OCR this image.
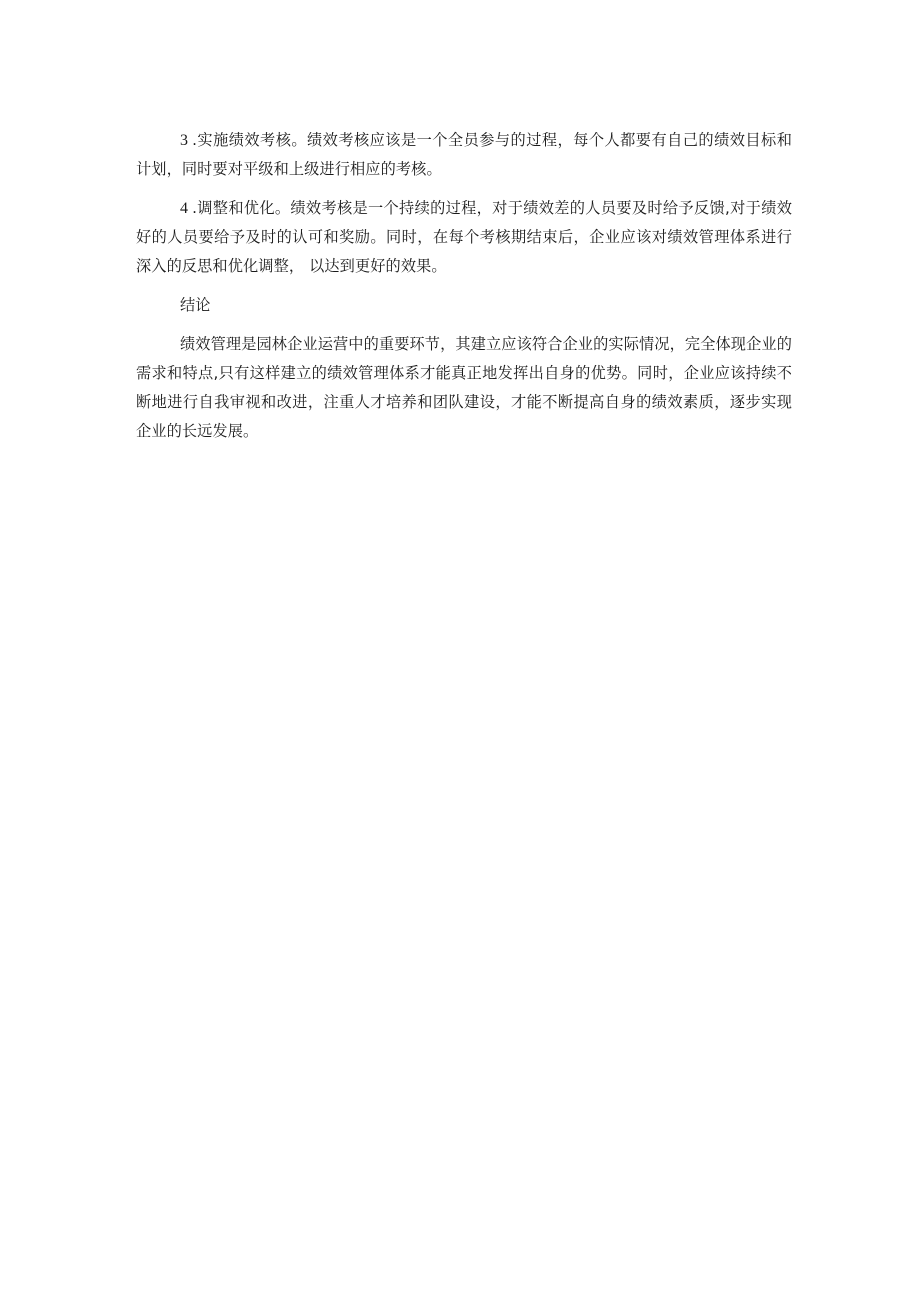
3 .实施绩效考核。绩效考核应该是一个全员参与的过程，每个人都要有自己的绩效目标和计划，同时要对平级和上级进行相应的考核。

4 .调整和优化。绩效考核是一个持续的过程，对于绩效差的人员要及时给予反馈,对于绩效好的人员要给予及时的认可和奖励。同时，在每个考核期结束后，企业应该对绩效管理体系进行深入的反思和优化调整， 以达到更好的效果。

结论

绩效管理是园林企业运营中的重要环节，其建立应该符合企业的实际情况，完全体现企业的需求和特点,只有这样建立的绩效管理体系才能真正地发挥出自身的优势。同时，企业应该持续不断地进行自我审视和改进，注重人才培养和团队建设，才能不断提高自身的绩效素质，逐步实现企业的长远发展。
